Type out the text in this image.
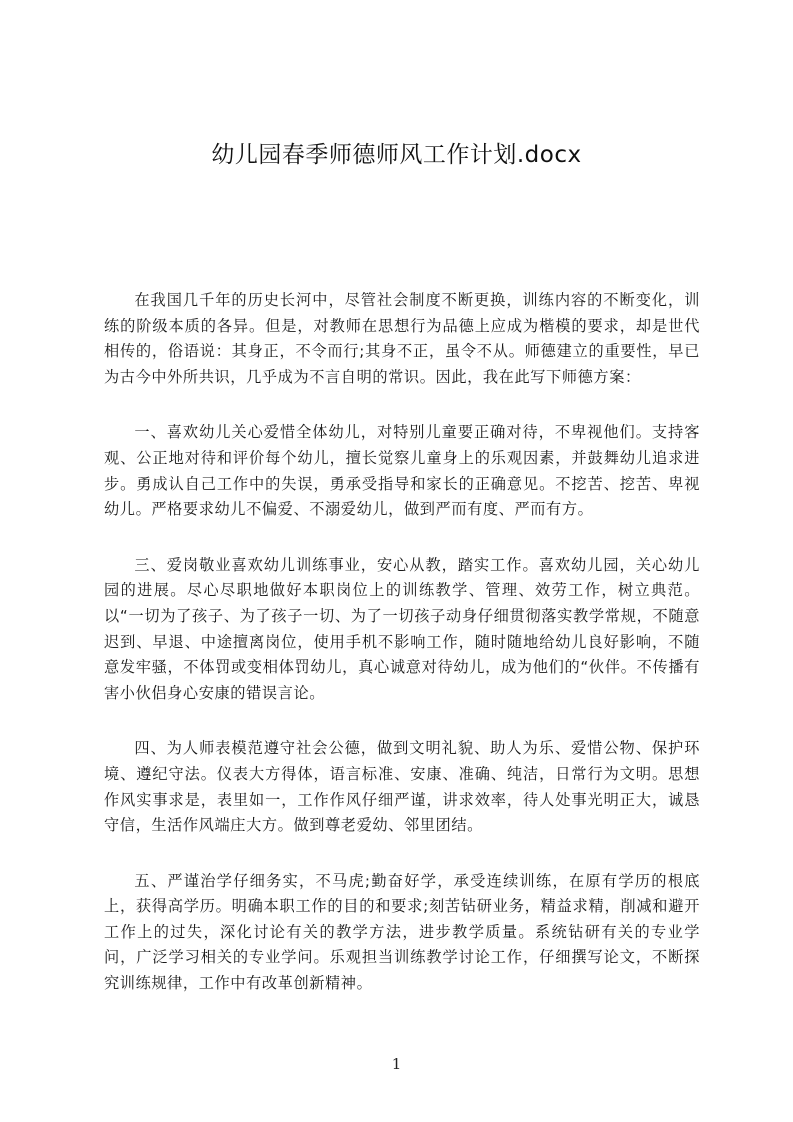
幼儿园春季师德师风工作计划.docx

在我国几千年的历史长河中，尽管社会制度不断更换，训练内容的不断变化，训练的阶级本质的各异。但是，对教师在思想行为品德上应成为楷模的要求，却是世代相传的，俗语说：其身正，不令而行;其身不正，虽令不从。师德建立的重要性，早已为古今中外所共识，几乎成为不言自明的常识。因此，我在此写下师德方案：

一、喜欢幼儿关心爱惜全体幼儿，对特别儿童要正确对待，不卑视他们。支持客观、公正地对待和评价每个幼儿，擅长觉察儿童身上的乐观因素，并鼓舞幼儿追求进步。勇成认自己工作中的失误，勇承受指导和家长的正确意见。不挖苦、挖苦、卑视幼儿。严格要求幼儿不偏爱、不溺爱幼儿，做到严而有度、严而有方。

三、爱岗敬业喜欢幼儿训练事业，安心从教，踏实工作。喜欢幼儿园，关心幼儿园的进展。尽心尽职地做好本职岗位上的训练教学、管理、效劳工作，树立典范。以“一切为了孩子、为了孩子一切、为了一切孩子动身仔细贯彻落实教学常规，不随意迟到、早退、中途擅离岗位，使用手机不影响工作，随时随地给幼儿良好影响，不随意发牢骚，不体罚或变相体罚幼儿，真心诚意对待幼儿，成为他们的“伙伴。不传播有害小伙侣身心安康的错误言论。

四、为人师表模范遵守社会公德，做到文明礼貌、助人为乐、爱惜公物、保护环境、遵纪守法。仪表大方得体，语言标准、安康、准确、纯洁，日常行为文明。思想作风实事求是，表里如一，工作作风仔细严谨，讲求效率，待人处事光明正大，诚恳守信，生活作风端庄大方。做到尊老爱幼、邻里团结。

五、严谨治学仔细务实，不马虎;勤奋好学，承受连续训练，在原有学历的根底上，获得高学历。明确本职工作的目的和要求;刻苦钻研业务，精益求精，削减和避开工作上的过失，深化讨论有关的教学方法，进步教学质量。系统钻研有关的专业学问，广泛学习相关的专业学问。乐观担当训练教学讨论工作，仔细撰写论文，不断探究训练规律，工作中有改革创新精神。

1
